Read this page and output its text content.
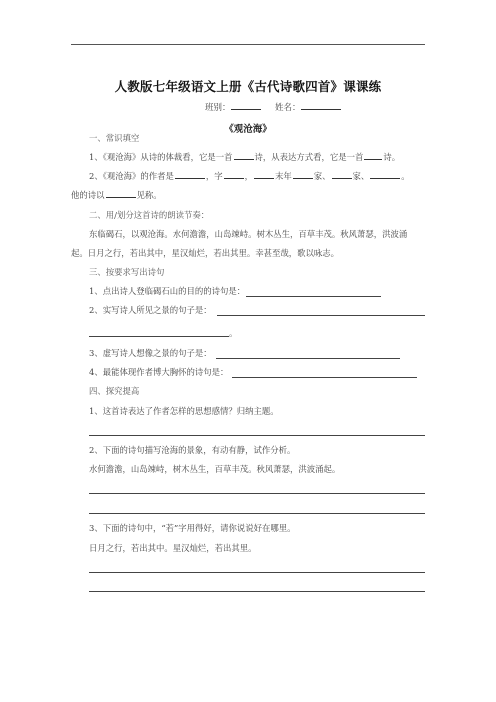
人教版七年级语文上册《古代诗歌四首》课课练
班别：	姓名：
《观沧海》
一、常识填空
1、《观沧海》从诗的体裁看，它是一首	诗，从表达方式看，它是一首 诗。
2、《观沧海》的作者是	，字	，	末年	家、	家、	。
他的诗以	见称。
二、用/划分这首诗的朗读节奏：
东临碣石，以观沧海。水何澹澹，山岛竦峙。树木丛生，百草丰茂。秋风萧瑟，洪波涌
起。日月之行，若出其中，星汉灿烂，若出其里。幸甚至哉，歌以咏志。
三、按要求写出诗句
1、点出诗人登临碣石山的目的的诗句是：
2、实写诗人所见之景的句子是：
。
3、虚写诗人想像之景的句子是：
4、最能体现作者博大胸怀的诗句是：
四、探究提高
1、这首诗表达了作者怎样的思想感情？归纳主题。
2、下面的诗句描写沧海的景象，有动有静，试作分析。
水何澹澹，山岛竦峙，树木丛生，百草丰茂。秋风萧瑟，洪波涌起。
3、下面的诗句中，“若”字用得好，请你说说好在哪里。
日月之行，若出其中。星汉灿烂，若出其里。
